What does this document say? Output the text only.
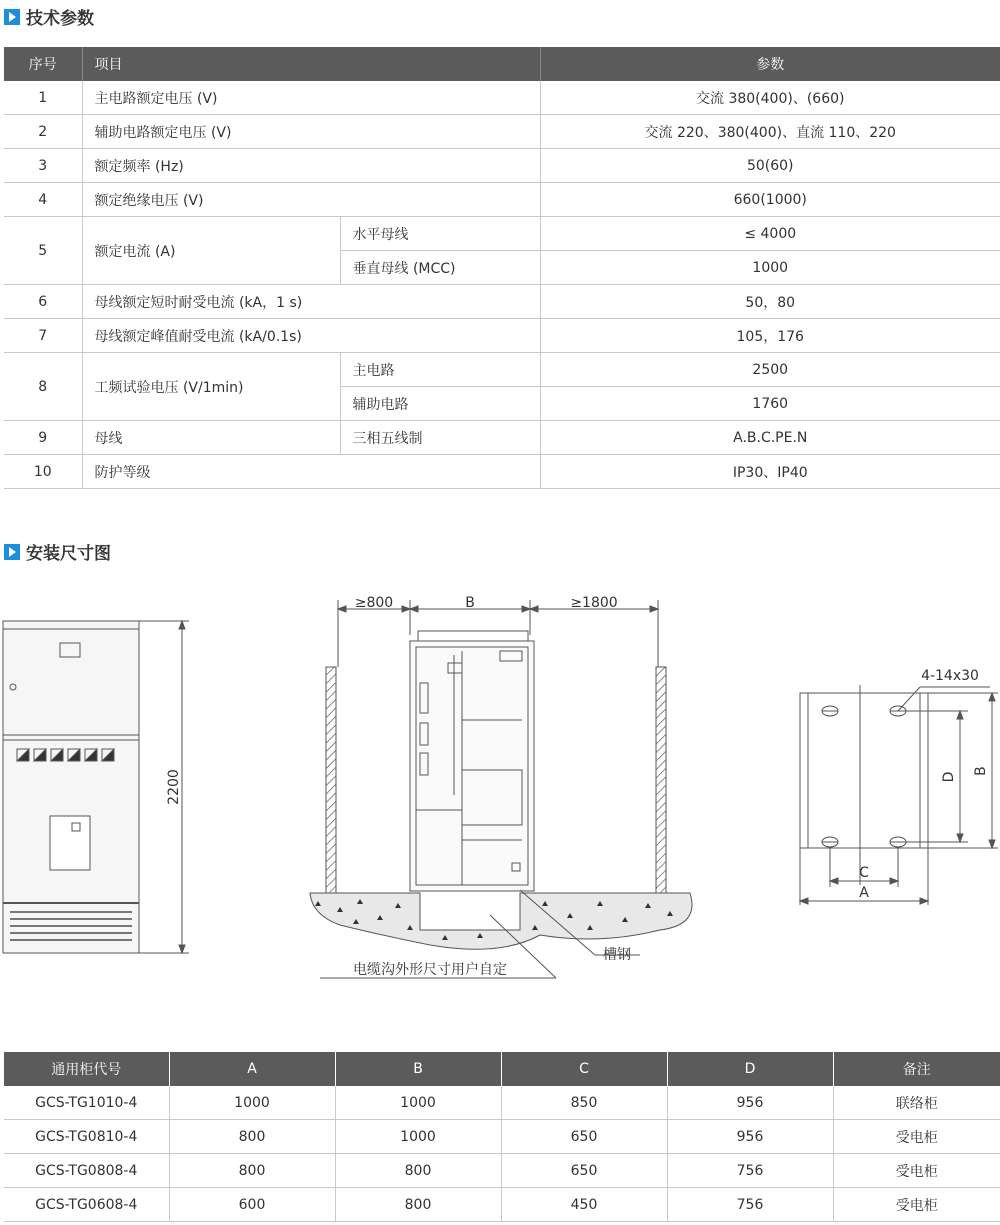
技术参数
序号	项目		参数
1	主电路额定电压 (V)		交流 380(400)、(660)
2	辅助电路额定电压 (V)		交流 220、380(400)、直流 110、220
3	额定频率 (Hz)		50(60)
4	额定绝缘电压 (V)		660(1000)
5	额定电流 (A)	水平母线	≤ 4000
		垂直母线 (MCC)	1000
6	母线额定短时耐受电流 (kA，1 s)		50，80
7	母线额定峰值耐受电流 (kA/0.1s)		105，176
8	工频试验电压 (V/1min)	主电路	2500
		辅助电路	1760
9	母线	三相五线制	A.B.C.PE.N
10	防护等级		IP30、IP40
安装尺寸图
2200
≥800	B	≥1800
槽钢
电缆沟外形尺寸用户自定
4-14x30
D
B
C
A
通用柜代号	A	B	C	D	备注
GCS-TG1010-4	1000	1000	850	956	联络柜
GCS-TG0810-4	800	1000	650	956	受电柜
GCS-TG0808-4	800	800	650	756	受电柜
GCS-TG0608-4	600	800	450	756	受电柜
